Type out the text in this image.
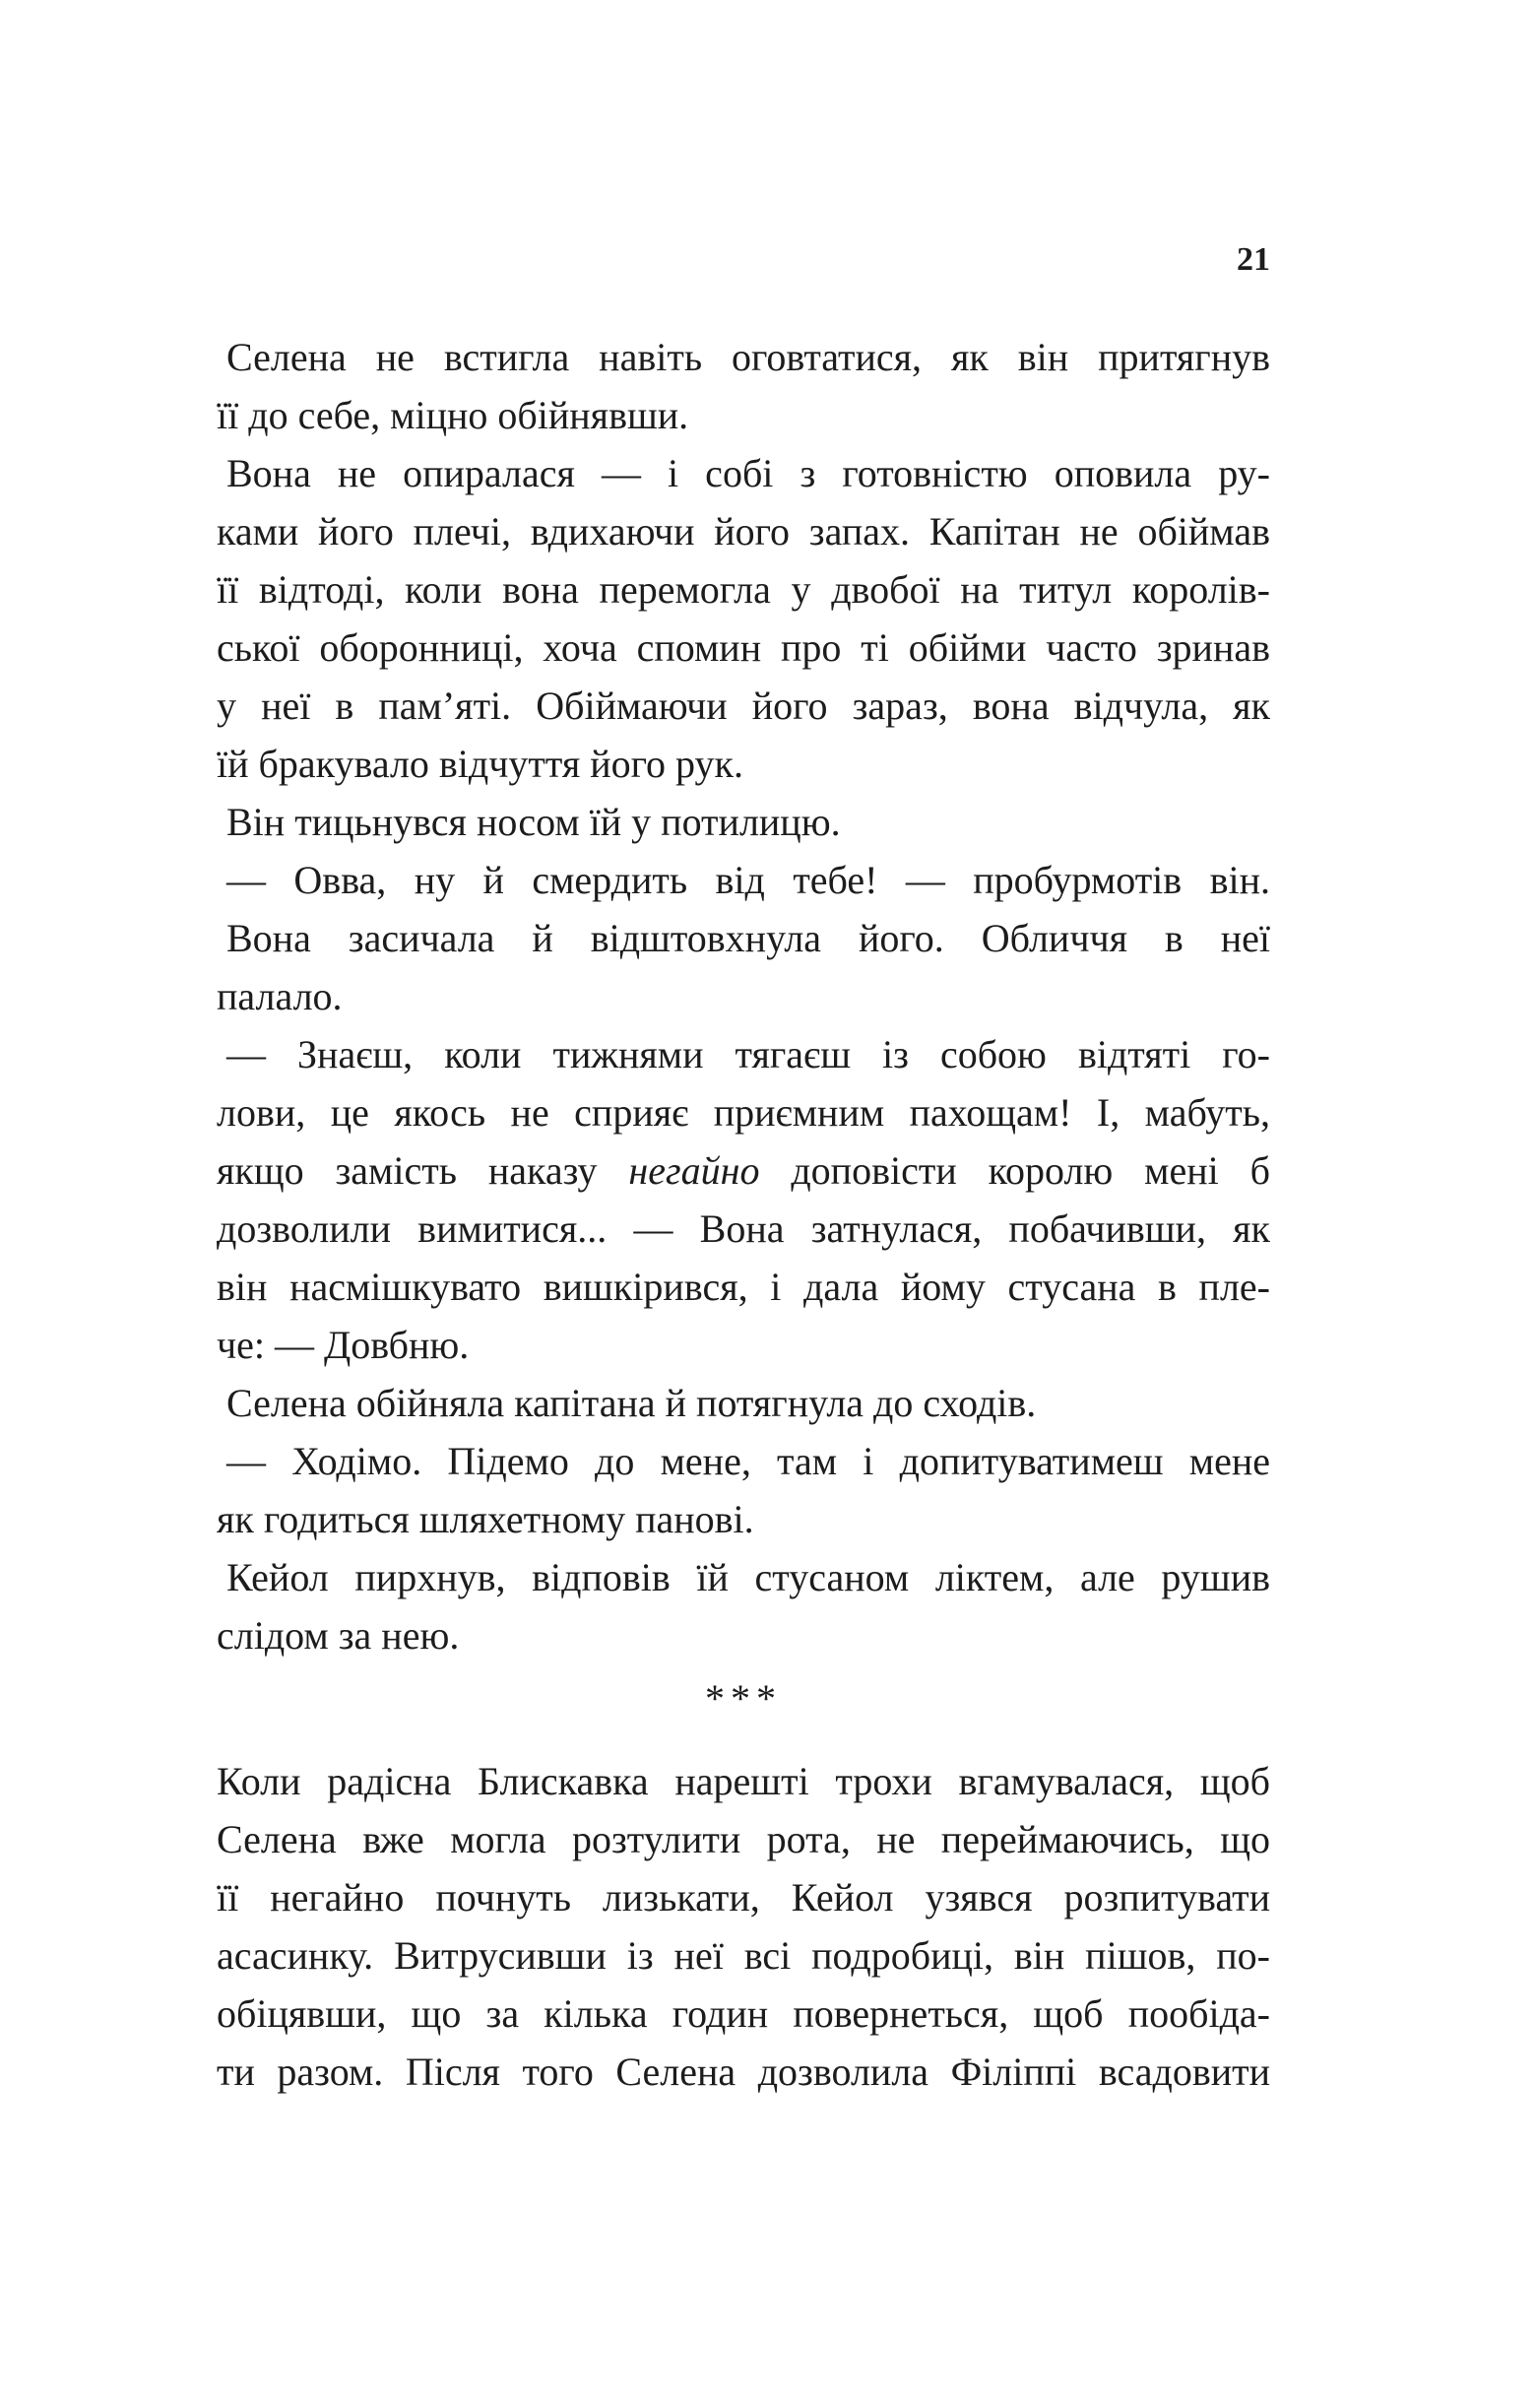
21
Селена не встигла навіть оговтатися, як він притягнув
її до себе, міцно обійнявши.
Вона не опиралася — і собі з готовністю оповила ру-
ками його плечі, вдихаючи його запах. Капітан не обіймав
її відтоді, коли вона перемогла у двобої на титул королів-
ської оборонниці, хоча спомин про ті обійми часто зринав
у неї в пам’яті. Обіймаючи його зараз, вона відчула, як
їй бракувало відчуття його рук.
Він тицьнувся носом їй у потилицю.
— Овва, ну й смердить від тебе! — пробурмотів він.
Вона засичала й відштовхнула його. Обличчя в неї
палало.
— Знаєш, коли тижнями тягаєш із собою відтяті го-
лови, це якось не сприяє приємним пахощам! І, мабуть,
якщо замість наказу негайно доповісти королю мені б
дозволили вимитися... — Вона затнулася, побачивши, як
він насмішкувато вишкірився, і дала йому стусана в пле-
че: — Довбню.
Селена обійняла капітана й потягнула до сходів.
— Ходімо. Підемо до мене, там і допитуватимеш мене
як годиться шляхетному панові.
Кейол пирхнув, відповів їй стусаном ліктем, але рушив
слідом за нею.
***
Коли радісна Блискавка нарешті трохи вгамувалася, щоб
Селена вже могла розтулити рота, не переймаючись, що
її негайно почнуть лизькати, Кейол узявся розпитувати
асасинку. Витрусивши із неї всі подробиці, він пішов, по-
обіцявши, що за кілька годин повернеться, щоб пообіда-
ти разом. Після того Селена дозволила Філіппі всадовити
